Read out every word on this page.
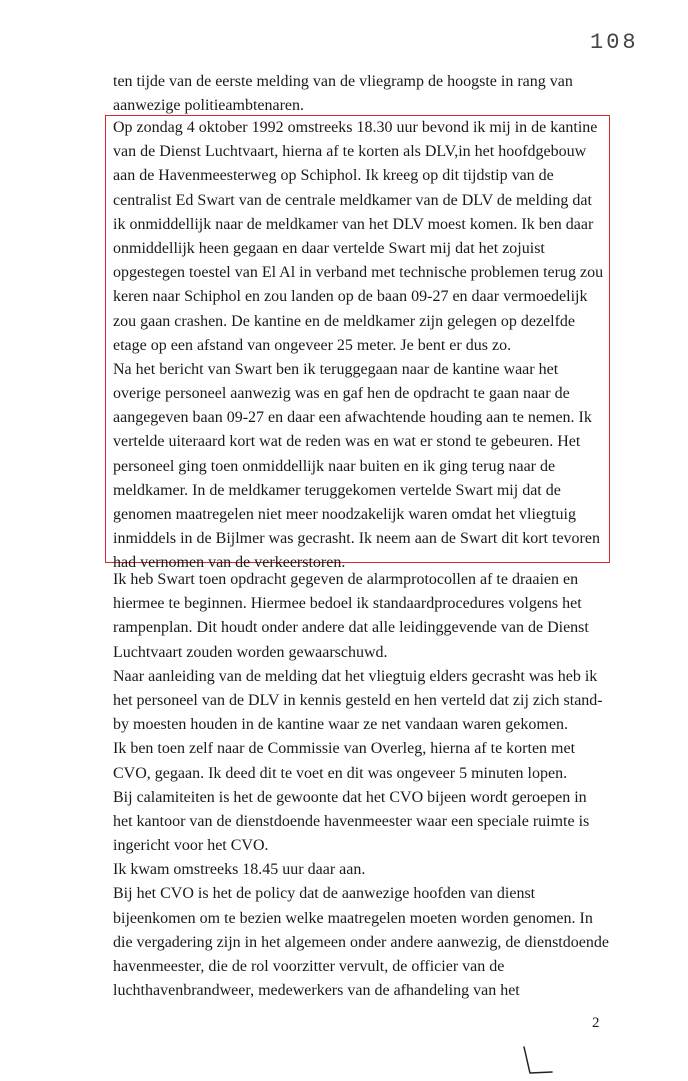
108
ten tijde van de eerste melding van de vliegramp de hoogste in rang van
aanwezige politieambtenaren.
Op zondag 4 oktober 1992 omstreeks 18.30 uur bevond ik mij in de kantine
van de Dienst Luchtvaart, hierna af te korten als DLV,in het hoofdgebouw
aan de Havenmeesterweg op Schiphol. Ik kreeg op dit tijdstip van de
centralist Ed Swart van de centrale meldkamer van de DLV de melding dat
ik onmiddellijk naar de meldkamer van het DLV moest komen. Ik ben daar
onmiddellijk heen gegaan en daar vertelde Swart mij dat het zojuist
opgestegen toestel van El Al in verband met technische problemen terug zou
keren naar Schiphol en zou landen op de baan 09-27 en daar vermoedelijk
zou gaan crashen. De kantine en de meldkamer zijn gelegen op dezelfde
etage op een afstand van ongeveer 25 meter. Je bent er dus zo.
Na het bericht van Swart ben ik teruggegaan naar de kantine waar het
overige personeel aanwezig was en gaf hen de opdracht te gaan naar de
aangegeven baan 09-27 en daar een afwachtende houding aan te nemen. Ik
vertelde uiteraard kort wat de reden was en wat er stond te gebeuren. Het
personeel ging toen onmiddellijk naar buiten en ik ging terug naar de
meldkamer. In de meldkamer teruggekomen vertelde Swart mij dat de
genomen maatregelen niet meer noodzakelijk waren omdat het vliegtuig
inmiddels in de Bijlmer was gecrasht. Ik neem aan de Swart dit kort tevoren
had vernomen van de verkeerstoren.
Ik heb Swart toen opdracht gegeven de alarmprotocollen af te draaien en
hiermee te beginnen. Hiermee bedoel ik standaardprocedures volgens het
rampenplan. Dit houdt onder andere dat alle leidinggevende van de Dienst
Luchtvaart zouden worden gewaarschuwd.
Naar aanleiding van de melding dat het vliegtuig elders gecrasht was heb ik
het personeel van de DLV in kennis gesteld en hen verteld dat zij zich stand-
by moesten houden in de kantine waar ze net vandaan waren gekomen.
Ik ben toen zelf naar de Commissie van Overleg, hierna af te korten met
CVO, gegaan. Ik deed dit te voet en dit was ongeveer 5 minuten lopen.
Bij calamiteiten is het de gewoonte dat het CVO bijeen wordt geroepen in
het kantoor van de dienstdoende havenmeester waar een speciale ruimte is
ingericht voor het CVO.
Ik kwam omstreeks 18.45 uur daar aan.
Bij het CVO is het de policy dat de aanwezige hoofden van dienst
bijeenkomen om te bezien welke maatregelen moeten worden genomen. In
die vergadering zijn in het algemeen onder andere aanwezig, de dienstdoende
havenmeester, die de rol voorzitter vervult, de officier van de
luchthavenbrandweer, medewerkers van de afhandeling van het
2
